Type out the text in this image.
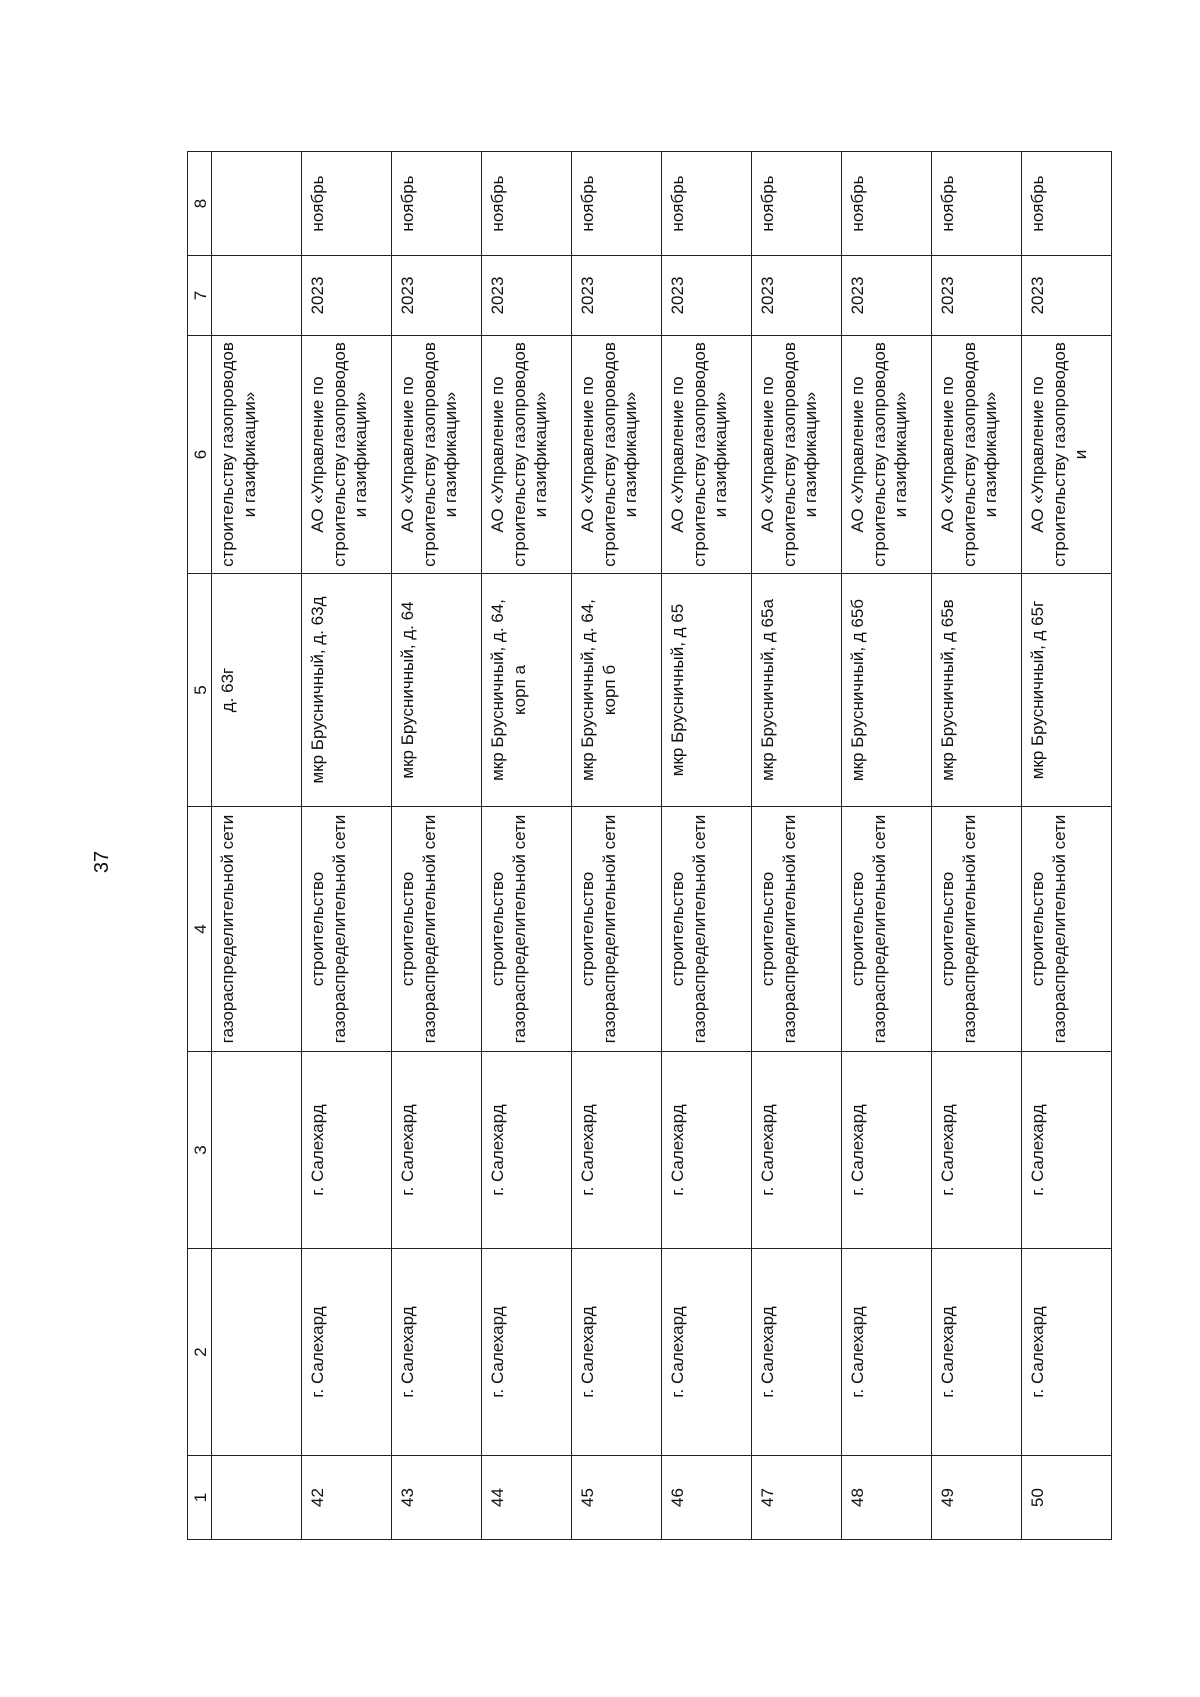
37
1	2	3	4	5	6	7	8
			газораспределительной сети	д. 63г	строительству газопроводов и газификации»		
42	г. Салехард	г. Салехард	строительство газораспределительной сети	мкр Брусничный, д. 63д	АО «Управление по строительству газопроводов и газификации»	2023	ноябрь
43	г. Салехард	г. Салехард	строительство газораспределительной сети	мкр Брусничный, д. 64	АО «Управление по строительству газопроводов и газификации»	2023	ноябрь
44	г. Салехард	г. Салехард	строительство газораспределительной сети	мкр Брусничный, д. 64, корп а	АО «Управление по строительству газопроводов и газификации»	2023	ноябрь
45	г. Салехард	г. Салехард	строительство газораспределительной сети	мкр Брусничный, д. 64, корп б	АО «Управление по строительству газопроводов и газификации»	2023	ноябрь
46	г. Салехард	г. Салехард	строительство газораспределительной сети	мкр Брусничный, д 65	АО «Управление по строительству газопроводов и газификации»	2023	ноябрь
47	г. Салехард	г. Салехард	строительство газораспределительной сети	мкр Брусничный, д 65а	АО «Управление по строительству газопроводов и газификации»	2023	ноябрь
48	г. Салехард	г. Салехард	строительство газораспределительной сети	мкр Брусничный, д 65б	АО «Управление по строительству газопроводов и газификации»	2023	ноябрь
49	г. Салехард	г. Салехард	строительство газораспределительной сети	мкр Брусничный, д 65в	АО «Управление по строительству газопроводов и газификации»	2023	ноябрь
50	г. Салехард	г. Салехард	строительство газораспределительной сети	мкр Брусничный, д 65г	АО «Управление по строительству газопроводов и	2023	ноябрь
